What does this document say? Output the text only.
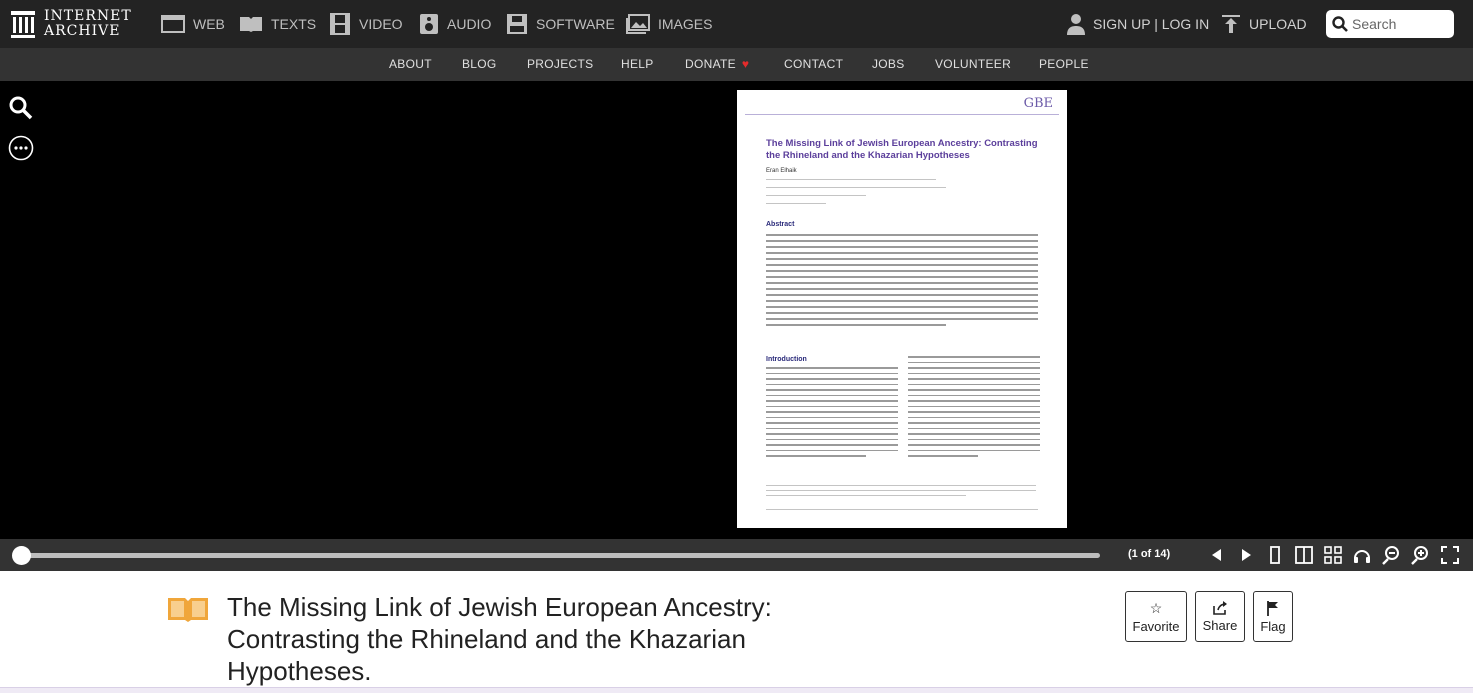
INTERNET
ARCHIVE	WEB	TEXTS	VIDEO	AUDIO	SOFTWARE	IMAGES	SIGN UP | LOG IN	UPLOAD
Search
ABOUT	BLOG	PROJECTS HELP	DONATE ♥	CONTACT JOBS	VOLUNTEER PEOPLE
GBE
The Missing Link of Jewish European Ancestry: Contrasting the Rhineland and the Khazarian Hypotheses
Eran Elhaik
Abstract
Introduction
(1 of 14)
The Missing Link of Jewish European Ancestry: Contrasting the Rhineland and the Khazarian Hypotheses.
☆
Favorite Share Flag
